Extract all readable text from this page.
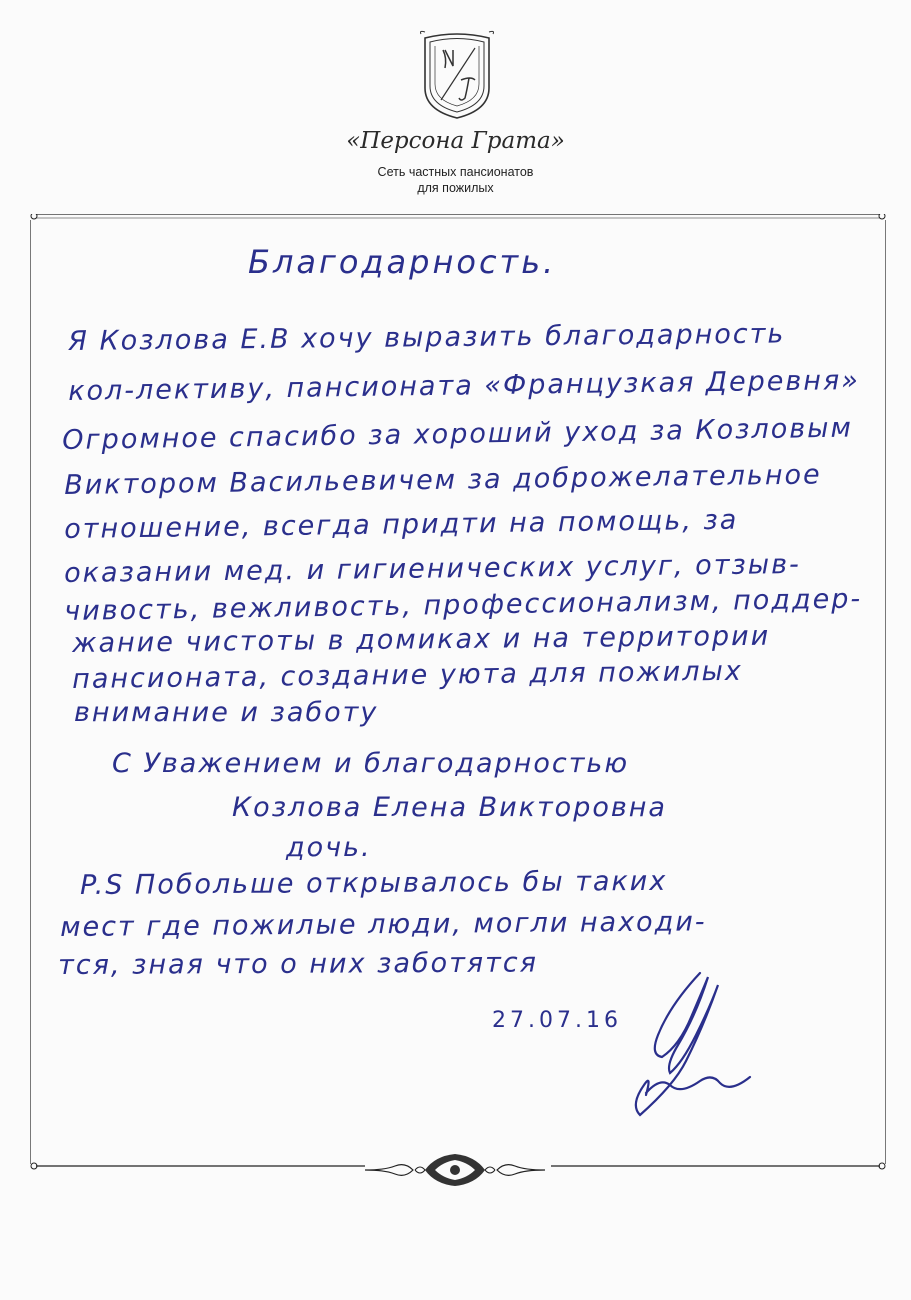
«Персона Грата»
Сеть частных пансионатов
для пожилых
Благодарность.
Я Козлова Е.В хочу выразить благодарность
кол-лективу, пансионата «Французкая Деревня»
Огромное спасибо за хороший уход за Козловым
Виктором Васильевичем за доброжелательное
отношение, всегда придти на помощь, за
оказании мед. и гигиенических услуг, отзыв-
чивость, вежливость, профессионализм, поддер-
жание чистоты в домиках и на территории
пансионата, создание уюта для пожилых
внимание и заботу
С Уважением и благодарностью
Козлова Елена Викторовна
дочь.
P.S Побольше открывалось бы таких
мест где пожилые люди, могли находи-
тся, зная что о них заботятся
27.07.16
